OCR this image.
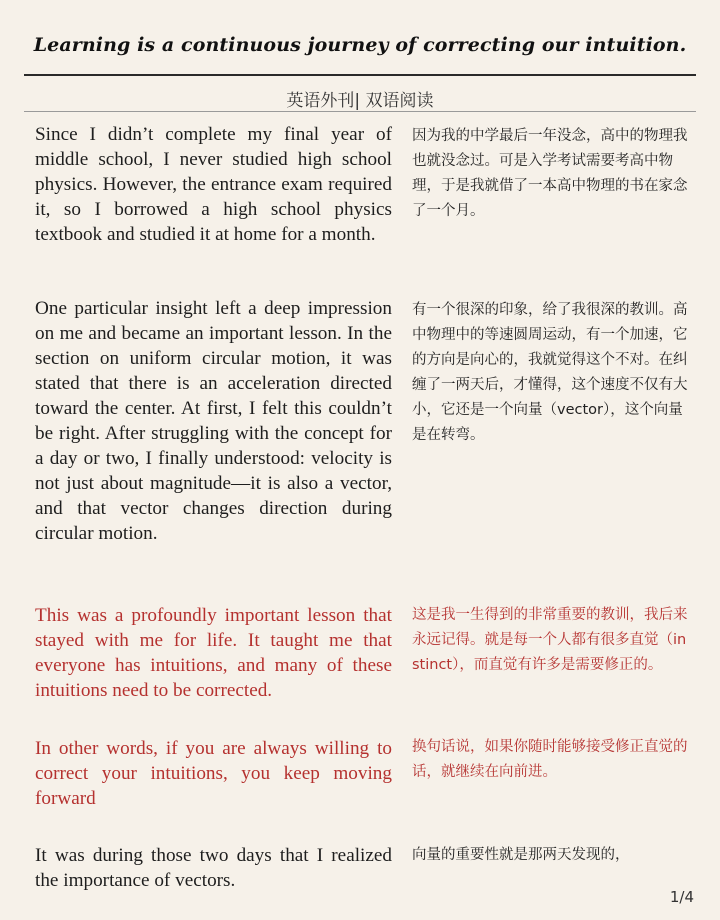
Learning is a continuous journey of correcting our intuition.
英语外刊| 双语阅读
Since I didn’t complete my final year of middle school, I never studied high school physics. However, the entrance exam required it, so I borrowed a high school physics textbook and studied it at home for a month.
因为我的中学最后一年没念，高中的物理我也就没念过。可是入学考试需要考高中物理，于是我就借了一本高中物理的书在家念了一个月。
One particular insight left a deep impression on me and became an important lesson. In the section on uniform circular motion, it was stated that there is an acceleration directed toward the center. At first, I felt this couldn’t be right. After struggling with the concept for a day or two, I finally understood: velocity is not just about magnitude—it is also a vector, and that vector changes direction during circular motion.
有一个很深的印象，给了我很深的教训。高中物理中的等速圆周运动，有一个加速，它的方向是向心的，我就觉得这个不对。在纠缠了一两天后，才懂得，这个速度不仅有大小，它还是一个向量（vector），这个向量是在转弯。
This was a profoundly important lesson that stayed with me for life. It taught me that everyone has intuitions, and many of these intuitions need to be corrected.
这是我一生得到的非常重要的教训，我后来永远记得。就是每一个人都有很多直觉（instinct），而直觉有许多是需要修正的。
In other words, if you are always willing to correct your intuitions, you keep moving forward
换句话说，如果你随时能够接受修正直觉的话，就继续在向前进。
It was during those two days that I realized the importance of vectors.
向量的重要性就是那两天发现的，
1/4
